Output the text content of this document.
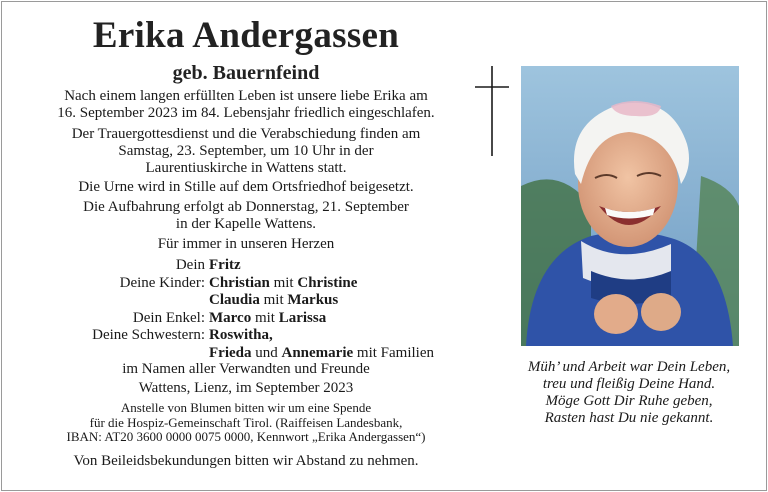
Erika Andergassen
geb. Bauernfeind
Nach einem langen erfüllten Leben ist unsere liebe Erika am
16. September 2023 im 84. Lebensjahr friedlich eingeschlafen.
Der Trauergottesdienst und die Verabschiedung finden am
Samstag, 23. September, um 10 Uhr in der
Laurentiuskirche in Wattens statt.
Die Urne wird in Stille auf dem Ortsfriedhof beigesetzt.
Die Aufbahrung erfolgt ab Donnerstag, 21. September
in der Kapelle Wattens.
Für immer in unseren Herzen
Dein Fritz
Deine Kinder: Christian mit Christine
Claudia mit Markus
Dein Enkel: Marco mit Larissa
Deine Schwestern: Roswitha,
Frieda und Annemarie mit Familien
im Namen aller Verwandten und Freunde
Wattens, Lienz, im September 2023
Anstelle von Blumen bitten wir um eine Spende
für die Hospiz-Gemeinschaft Tirol. (Raiffeisen Landesbank,
IBAN: AT20 3600 0000 0075 0000, Kennwort „Erika Andergassen“)
Von Beileidsbekundungen bitten wir Abstand zu nehmen.
Müh’ und Arbeit war Dein Leben,
treu und fleißig Deine Hand.
Möge Gott Dir Ruhe geben,
Rasten hast Du nie gekannt.
